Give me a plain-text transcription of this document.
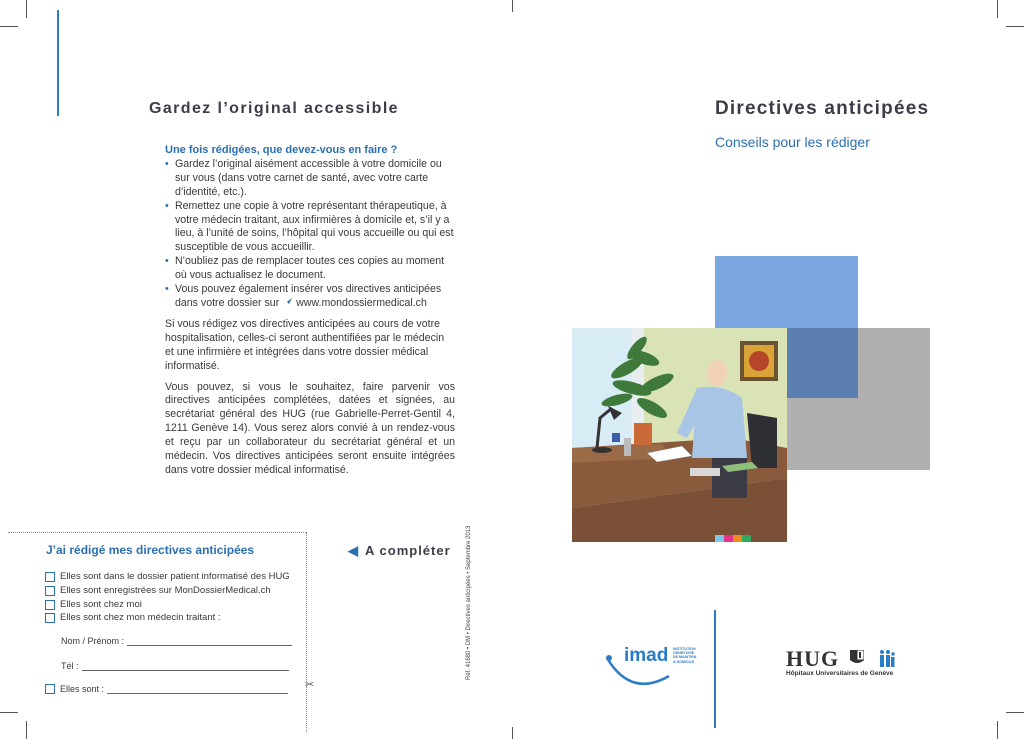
Gardez l’original accessible
Une fois rédigées, que devez-vous en faire ?
• Gardez l’original aisément accessible à votre domicile ou sur vous (dans votre carnet de santé, avec votre carte d’identité, etc.).
• Remettez une copie à votre représentant thérapeutique, à votre médecin traitant, aux infirmières à domicile et, s’il y a lieu, à l’unité de soins, l’hôpital qui vous accueille ou qui est susceptible de vous accueillir.
• N’oubliez pas de remplacer toutes ces copies au moment où vous actualisez le document.
• Vous pouvez également insérer vos directives anticipées dans votre dossier sur www.mondossiermedical.ch

Si vous rédigez vos directives anticipées au cours de votre hospitalisation, celles-ci seront authentifiées par le médecin et une infirmière et intégrées dans votre dossier médical informatisé.

Vous pouvez, si vous le souhaitez, faire parvenir vos directives anticipées complétées, datées et signées, au secrétariat général des HUG (rue Gabrielle-Perret-Gentil 4, 1211 Genève 14). Vous serez alors convié à un rendez-vous et reçu par un collaborateur du secrétariat général et un médecin. Vos directives anticipées seront ensuite intégrées dans votre dossier médical informatisé.

✂
J’ai rédigé mes directives anticipées	◀ A compléter
Elles sont dans le dossier patient informatisé des HUG
Elles sont enregistrées sur MonDossierMedical.ch
Elles sont chez moi
Elles sont chez mon médecin traitant :
Nom / Prénom :
Tél :
Elles sont :
Réf. 41680 • DM • Directives anticipées • Septembre 2013
Directives anticipées
Conseils pour les rédiger
imad INSTITUTION GENEVOISE DE MAINTIEN À DOMICILE	HUG
Hôpitaux Universitaires de Genève
